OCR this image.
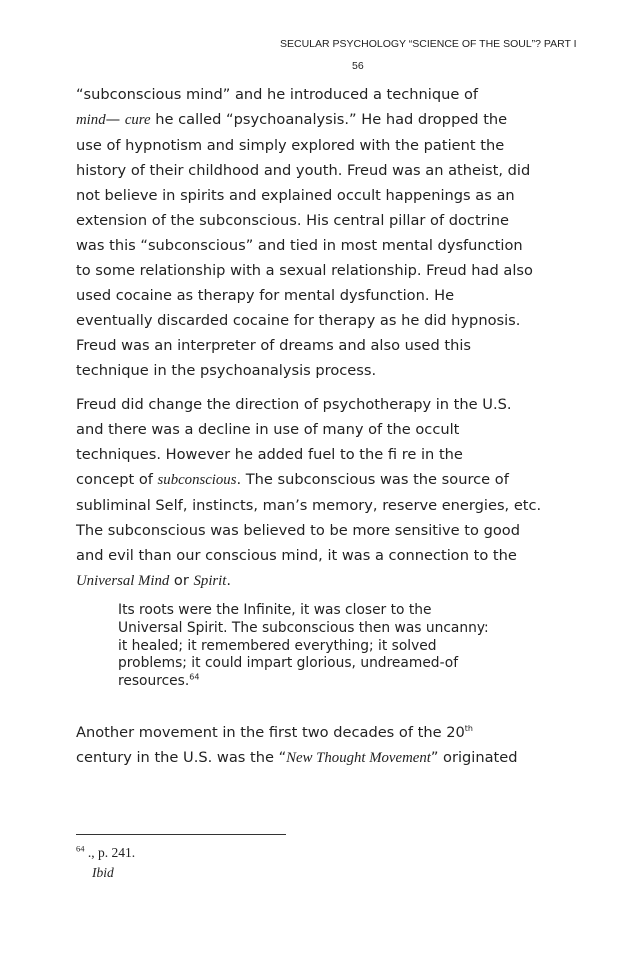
SECULAR PSYCHOLOGY “SCIENCE OF THE SOUL”? PART I
56
“subconscious mind” and he introduced a technique of
mind— cure he called “psychoanalysis.” He had dropped the
use of hypnotism and simply explored with the patient the
history of their childhood and youth. Freud was an atheist, did
not believe in spirits and explained occult happenings as an
extension of the subconscious. His central pillar of doctrine
was this “subconscious” and tied in most mental dysfunction
to some relationship with a sexual relationship. Freud had also
used cocaine as therapy for mental dysfunction. He
eventually discarded cocaine for therapy as he did hypnosis.
Freud was an interpreter of dreams and also used this
technique in the psychoanalysis process.
Freud did change the direction of psychotherapy in the U.S.
and there was a decline in use of many of the occult
techniques. However he added fuel to the fi re in the
concept of subconscious. The subconscious was the source of
subliminal Self, instincts, man’s memory, reserve energies, etc.
The subconscious was believed to be more sensitive to good
and evil than our conscious mind, it was a connection to the
Universal Mind or Spirit.
Its roots were the Infinite, it was closer to the
Universal Spirit. The subconscious then was uncanny:
it healed; it remembered everything; it solved
problems; it could impart glorious, undreamed-of
resources.$^{64}$
Another movement in the first two decades of the 20th
century in the U.S. was the “New Thought Movement” originated
$^{64}$ ., p. 241.
Ibid
